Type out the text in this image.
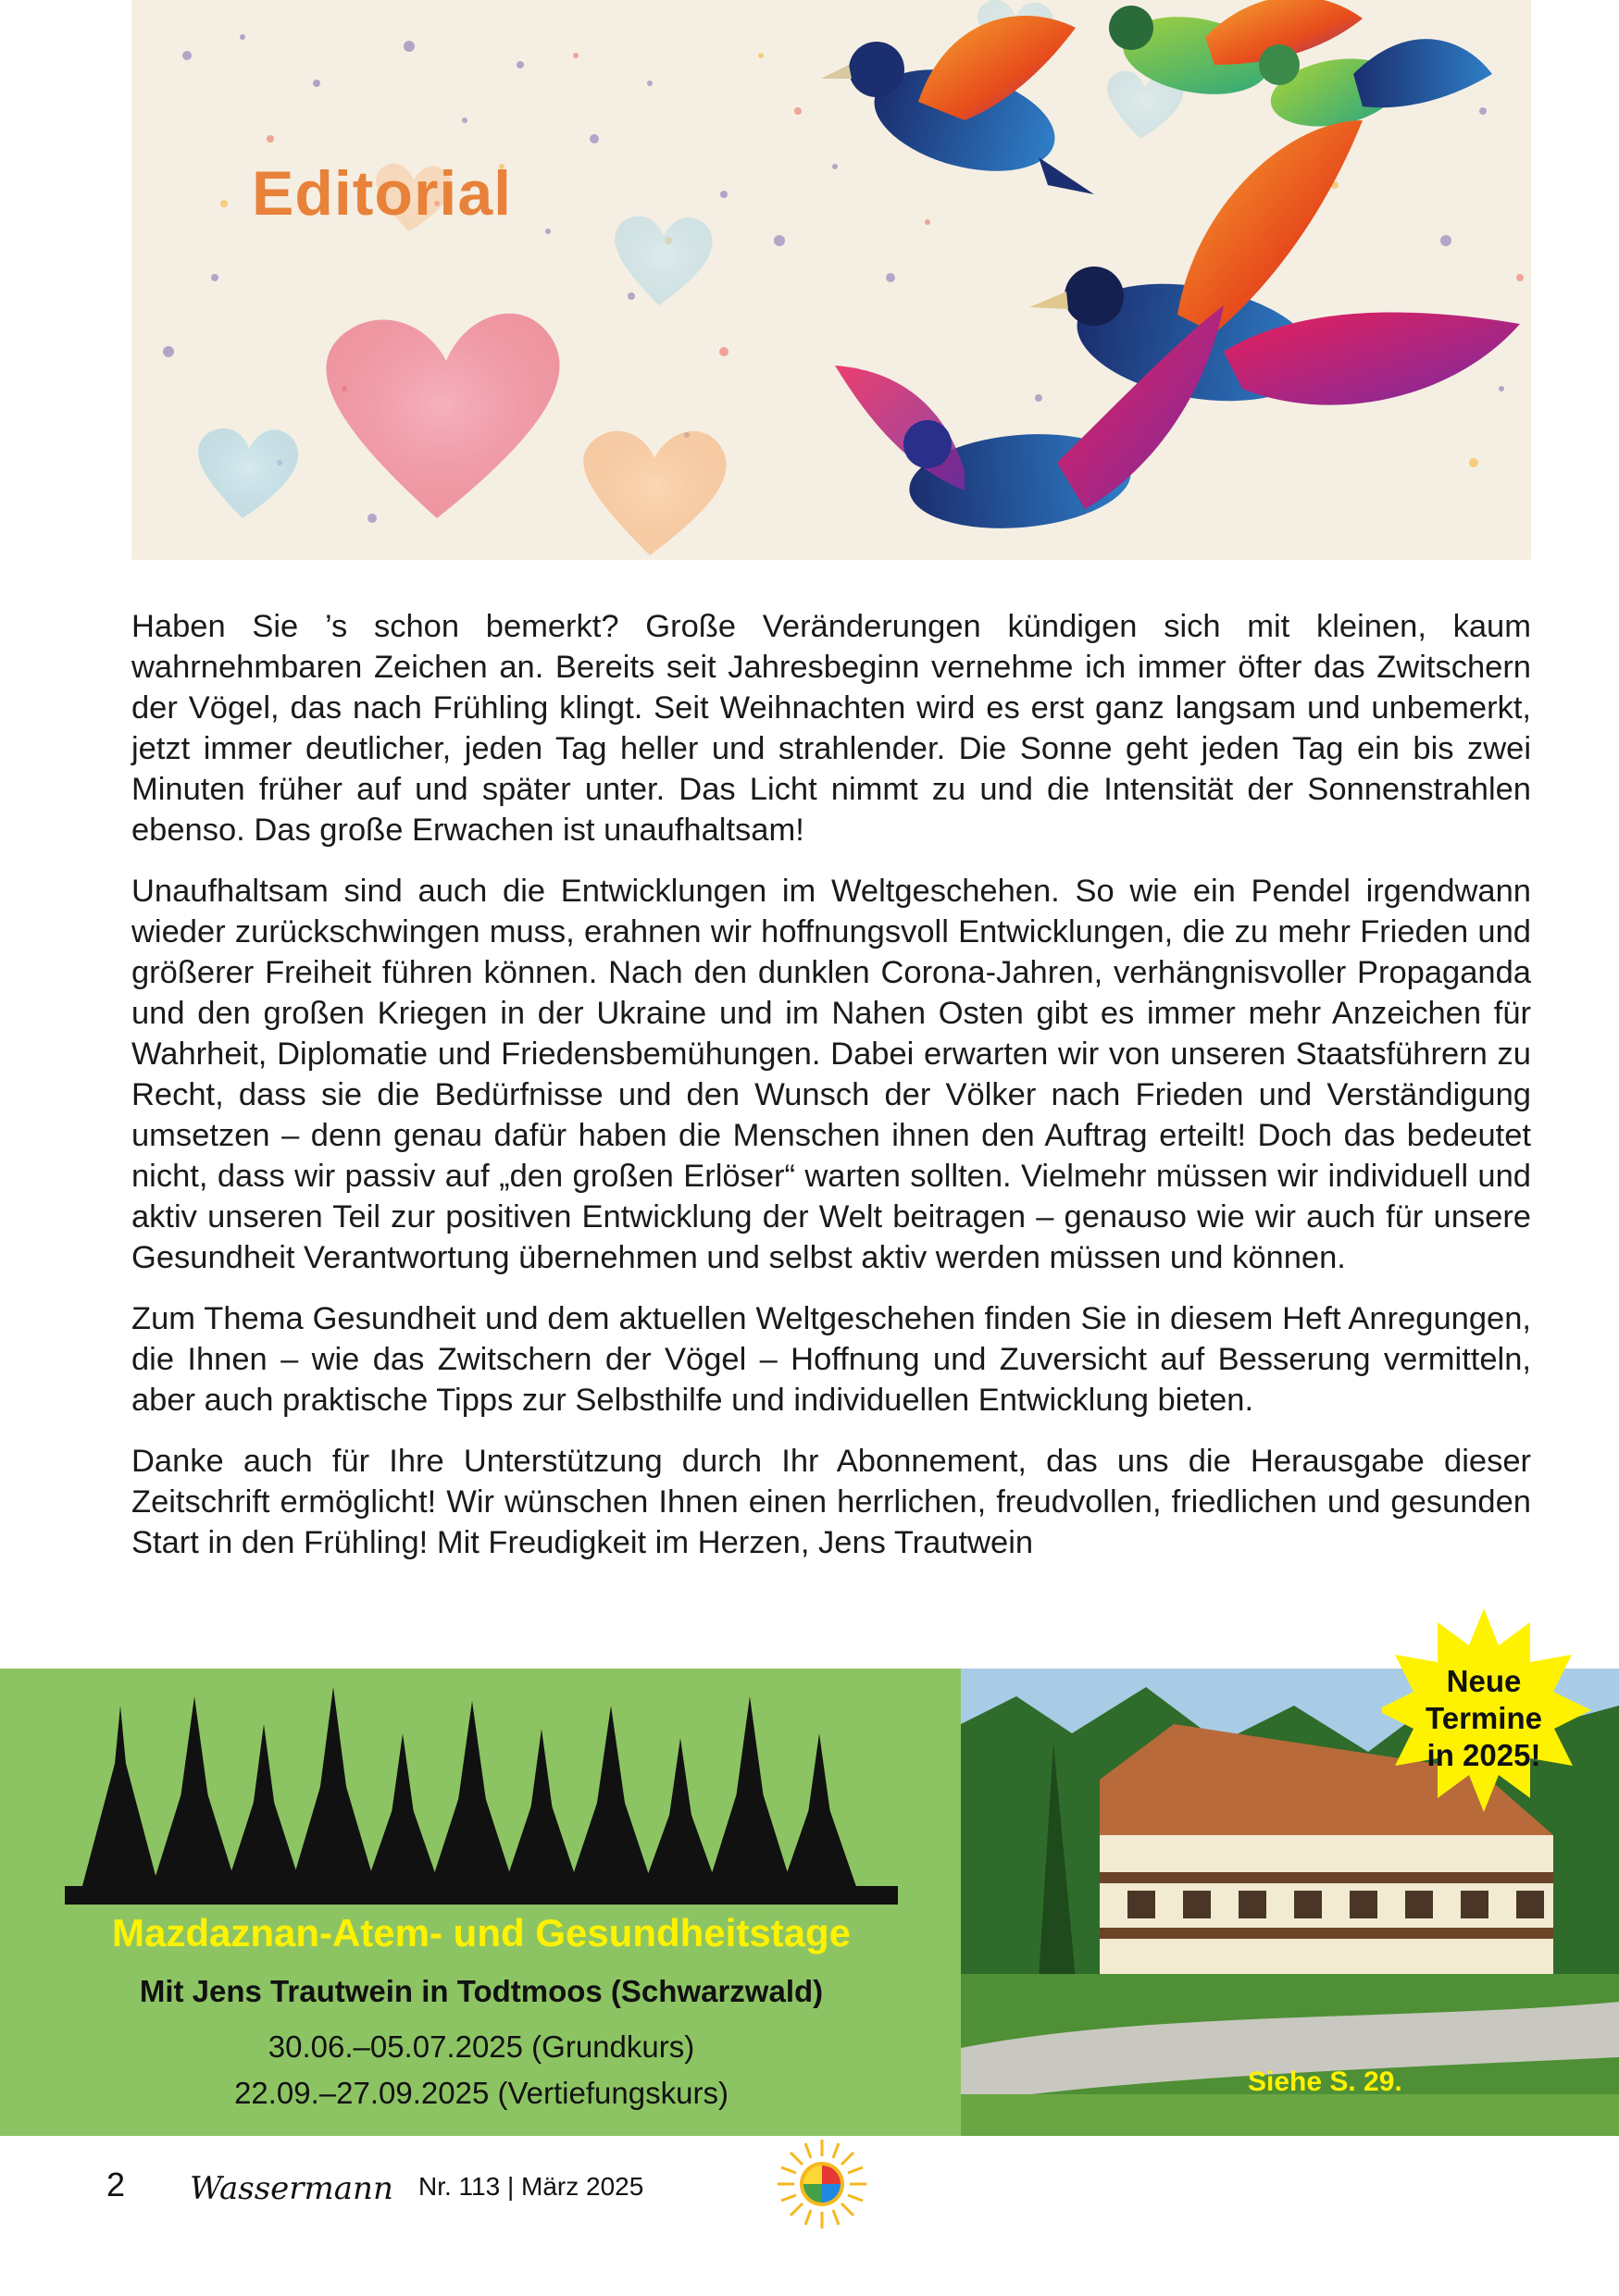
Editorial

Haben Sie ’s schon bemerkt? Große Veränderungen kündigen sich mit kleinen, kaum wahrnehmbaren Zeichen an. Bereits seit Jahresbeginn vernehme ich immer öfter das Zwitschern der Vögel, das nach Frühling klingt. Seit Weihnachten wird es erst ganz langsam und unbemerkt, jetzt immer deutlicher, jeden Tag heller und strahlender. Die Sonne geht jeden Tag ein bis zwei Minuten früher auf und später unter. Das Licht nimmt zu und die Intensität der Sonnenstrahlen ebenso. Das große Erwachen ist unaufhaltsam!

Unaufhaltsam sind auch die Entwicklungen im Weltgeschehen. So wie ein Pendel irgendwann wieder zurückschwingen muss, erahnen wir hoffnungsvoll Entwicklungen, die zu mehr Frieden und größerer Freiheit führen können. Nach den dunklen Corona-Jahren, verhängnisvoller Propaganda und den großen Kriegen in der Ukraine und im Nahen Osten gibt es immer mehr Anzeichen für Wahrheit, Diplomatie und Friedensbemühungen. Dabei erwarten wir von unseren Staatsführern zu Recht, dass sie die Bedürfnisse und den Wunsch der Völker nach Frieden und Verständigung umsetzen – denn genau dafür haben die Menschen ihnen den Auftrag erteilt! Doch das bedeutet nicht, dass wir passiv auf „den großen Erlöser“ warten sollten. Vielmehr müssen wir individuell und aktiv unseren Teil zur positiven Entwicklung der Welt beitragen – genauso wie wir auch für unsere Gesundheit Verantwortung übernehmen und selbst aktiv werden müssen und können.

Zum Thema Gesundheit und dem aktuellen Weltgeschehen finden Sie in diesem Heft Anregungen, die Ihnen – wie das Zwitschern der Vögel – Hoffnung und Zuversicht auf Besserung vermitteln, aber auch praktische Tipps zur Selbsthilfe und individuellen Entwicklung bieten.

Danke auch für Ihre Unterstützung durch Ihr Abonnement, das uns die Herausgabe dieser Zeitschrift ermöglicht! Wir wünschen Ihnen einen herrlichen, freudvollen, friedlichen und gesunden Start in den Frühling! Mit Freudigkeit im Herzen, Jens Trautwein

Mazdaznan-Atem- und Gesundheitstage
Mit Jens Trautwein in Todtmoos (Schwarzwald)
30.06.–05.07.2025 (Grundkurs)
22.09.–27.09.2025 (Vertiefungskurs)	Siehe S. 29.
Neue
Termine
in 2025!
2 Wassermann Nr. 113 | März 2025
